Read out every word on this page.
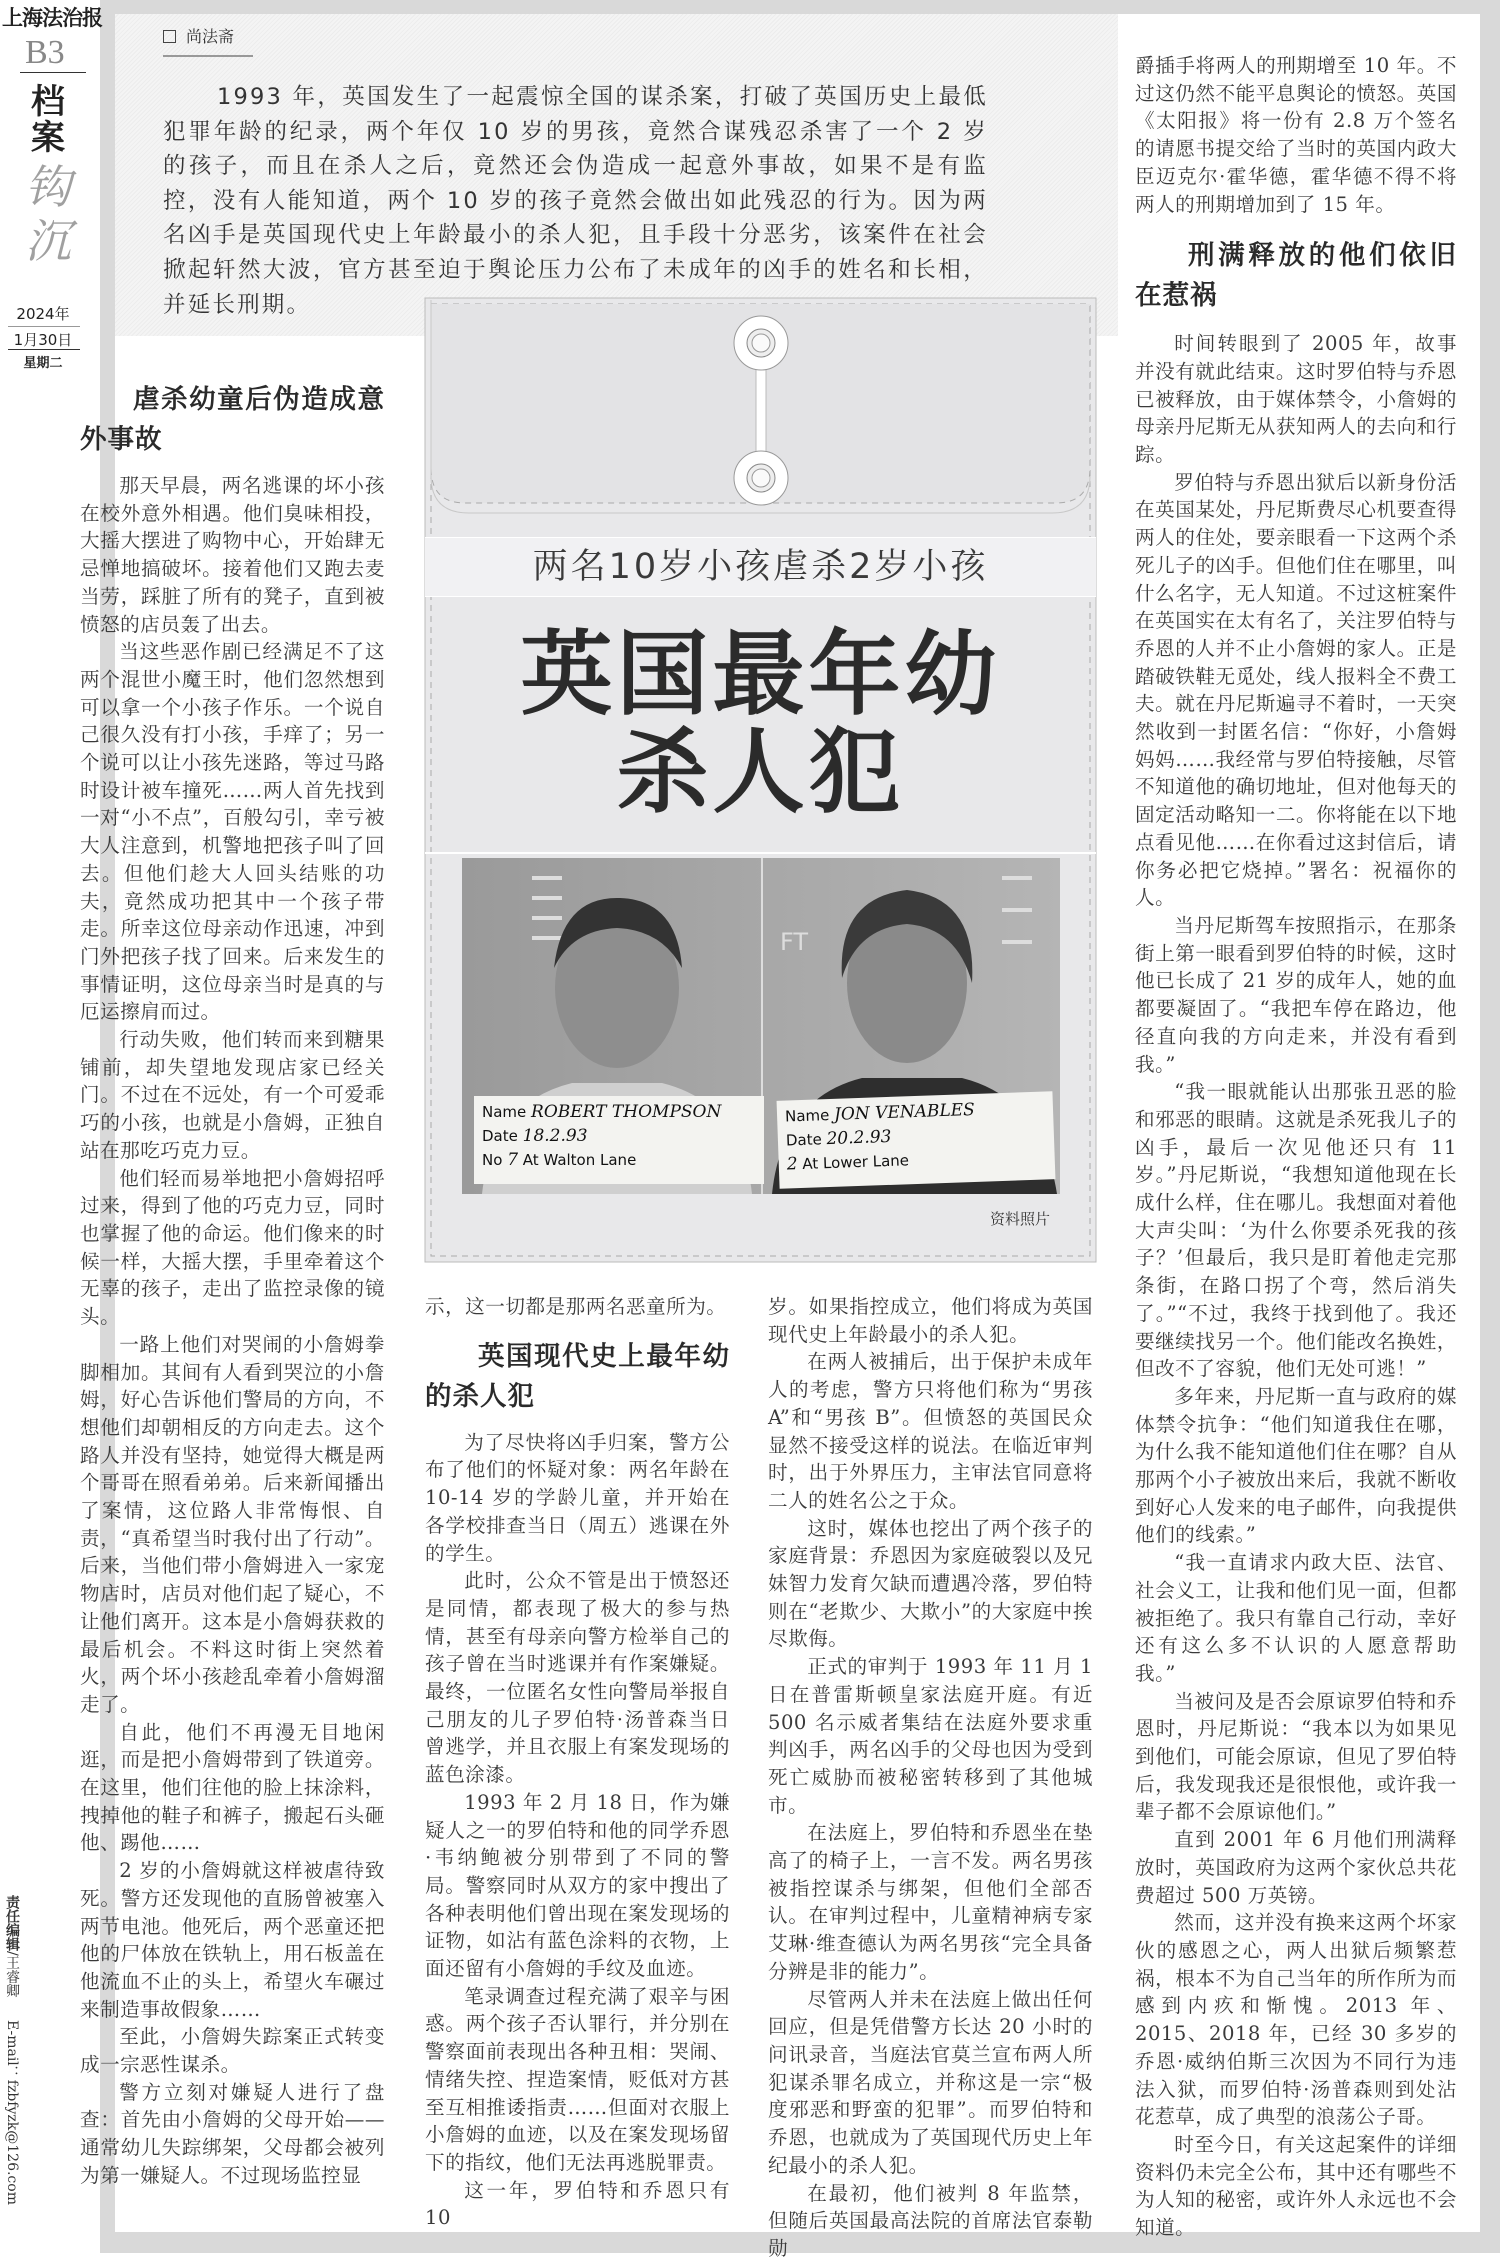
上海法治报
B3
档案
钩沉
2024年
1月30日
星期二
责任编辑/王睿卿 E-mail：fzbfyzk@126.com
尚法斋
1993 年，英国发生了一起震惊全国的谋杀案，打破了英国历史上最低犯罪年龄的纪录，两个年仅 10 岁的男孩，竟然合谋残忍杀害了一个 2 岁的孩子，而且在杀人之后，竟然还会伪造成一起意外事故，如果不是有监控，没有人能知道，两个 10 岁的孩子竟然会做出如此残忍的行为。因为两名凶手是英国现代史上年龄最小的杀人犯，且手段十分恶劣，该案件在社会掀起轩然大波，官方甚至迫于舆论压力公布了未成年的凶手的姓名和长相，并延长刑期。
两名10岁小孩虐杀2岁小孩
英国最年幼
杀人犯
FT
Name ROBERT THOMPSON
Date 18.2.93
No 7 At Walton Lane
Name JON VENABLES
Date 20.2.93
2 At Lower Lane
资料照片
虐杀幼童后伪造成意外事故

那天早晨，两名逃课的坏小孩在校外意外相遇。他们臭味相投，大摇大摆进了购物中心，开始肆无忌惮地搞破坏。接着他们又跑去麦当劳，踩脏了所有的凳子，直到被愤怒的店员轰了出去。

当这些恶作剧已经满足不了这两个混世小魔王时，他们忽然想到可以拿一个小孩子作乐。一个说自己很久没有打小孩，手痒了；另一个说可以让小孩先迷路，等过马路时设计被车撞死……两人首先找到一对“小不点”，百般勾引，幸亏被大人注意到，机警地把孩子叫了回去。但他们趁大人回头结账的功夫，竟然成功把其中一个孩子带走。所幸这位母亲动作迅速，冲到门外把孩子找了回来。后来发生的事情证明，这位母亲当时是真的与厄运擦肩而过。

行动失败，他们转而来到糖果铺前，却失望地发现店家已经关门。不过在不远处，有一个可爱乖巧的小孩，也就是小詹姆，正独自站在那吃巧克力豆。

他们轻而易举地把小詹姆招呼过来，得到了他的巧克力豆，同时也掌握了他的命运。他们像来的时候一样，大摇大摆，手里牵着这个无辜的孩子，走出了监控录像的镜头。

一路上他们对哭闹的小詹姆拳脚相加。其间有人看到哭泣的小詹姆，好心告诉他们警局的方向，不想他们却朝相反的方向走去。这个路人并没有坚持，她觉得大概是两个哥哥在照看弟弟。后来新闻播出了案情，这位路人非常悔恨、自责，“真希望当时我付出了行动”。后来，当他们带小詹姆进入一家宠物店时，店员对他们起了疑心，不让他们离开。这本是小詹姆获救的最后机会。不料这时街上突然着火，两个坏小孩趁乱牵着小詹姆溜走了。

自此，他们不再漫无目地闲逛，而是把小詹姆带到了铁道旁。在这里，他们往他的脸上抹涂料，拽掉他的鞋子和裤子，搬起石头砸他、踢他……

2 岁的小詹姆就这样被虐待致死。警方还发现他的直肠曾被塞入两节电池。他死后，两个恶童还把他的尸体放在铁轨上，用石板盖在他流血不止的头上，希望火车碾过来制造事故假象……

至此，小詹姆失踪案正式转变成一宗恶性谋杀。

警方立刻对嫌疑人进行了盘查：首先由小詹姆的父母开始——通常幼儿失踪绑架，父母都会被列为第一嫌疑人。不过现场监控显

示，这一切都是那两名恶童所为。

英国现代史上最年幼的杀人犯

为了尽快将凶手归案，警方公布了他们的怀疑对象：两名年龄在10-14 岁的学龄儿童，并开始在各学校排查当日（周五）逃课在外的学生。

此时，公众不管是出于愤怒还是同情，都表现了极大的参与热情，甚至有母亲向警方检举自己的孩子曾在当时逃课并有作案嫌疑。最终，一位匿名女性向警局举报自己朋友的儿子罗伯特·汤普森当日曾逃学，并且衣服上有案发现场的蓝色涂漆。

1993 年 2 月 18 日，作为嫌疑人之一的罗伯特和他的同学乔恩·韦纳鲍被分别带到了不同的警局。警察同时从双方的家中搜出了各种表明他们曾出现在案发现场的证物，如沾有蓝色涂料的衣物，上面还留有小詹姆的手纹及血迹。

笔录调查过程充满了艰辛与困惑。两个孩子否认罪行，并分别在警察面前表现出各种丑相：哭闹、情绪失控、捏造案情，贬低对方甚至互相推诿指责……但面对衣服上小詹姆的血迹，以及在案发现场留下的指纹，他们无法再逃脱罪责。

这一年，罗伯特和乔恩只有 10

岁。如果指控成立，他们将成为英国现代史上年龄最小的杀人犯。

在两人被捕后，出于保护未成年人的考虑，警方只将他们称为“男孩A”和“男孩 B”。但愤怒的英国民众显然不接受这样的说法。在临近审判时，出于外界压力，主审法官同意将二人的姓名公之于众。

这时，媒体也挖出了两个孩子的家庭背景：乔恩因为家庭破裂以及兄妹智力发育欠缺而遭遇冷落，罗伯特则在“老欺少、大欺小”的大家庭中挨尽欺侮。

正式的审判于 1993 年 11 月 1 日在普雷斯顿皇家法庭开庭。有近 500 名示威者集结在法庭外要求重判凶手，两名凶手的父母也因为受到死亡威胁而被秘密转移到了其他城市。

在法庭上，罗伯特和乔恩坐在垫高了的椅子上，一言不发。两名男孩被指控谋杀与绑架，但他们全部否认。在审判过程中，儿童精神病专家艾琳·维查德认为两名男孩“完全具备分辨是非的能力”。

尽管两人并未在法庭上做出任何回应，但是凭借警方长达 20 小时的问讯录音，当庭法官莫兰宣布两人所犯谋杀罪名成立，并称这是一宗“极度邪恶和野蛮的犯罪”。而罗伯特和乔恩，也就成为了英国现代历史上年纪最小的杀人犯。

在最初，他们被判 8 年监禁，但随后英国最高法院的首席法官泰勒勋

爵插手将两人的刑期增至 10 年。不过这仍然不能平息舆论的愤怒。英国《太阳报》将一份有 2.8 万个签名的请愿书提交给了当时的英国内政大臣迈克尔·霍华德，霍华德不得不将两人的刑期增加到了 15 年。

刑满释放的他们依旧在惹祸

时间转眼到了 2005 年，故事并没有就此结束。这时罗伯特与乔恩已被释放，由于媒体禁令，小詹姆的母亲丹尼斯无从获知两人的去向和行踪。

罗伯特与乔恩出狱后以新身份活在英国某处，丹尼斯费尽心机要查得两人的住处，要亲眼看一下这两个杀死儿子的凶手。但他们住在哪里，叫什么名字，无人知道。不过这桩案件在英国实在太有名了，关注罗伯特与乔恩的人并不止小詹姆的家人。正是踏破铁鞋无觅处，线人报料全不费工夫。就在丹尼斯遍寻不着时，一天突然收到一封匿名信：“你好，小詹姆妈妈……我经常与罗伯特接触，尽管不知道他的确切地址，但对他每天的固定活动略知一二。你将能在以下地点看见他……在你看过这封信后，请你务必把它烧掉。”署名：祝福你的人。

当丹尼斯驾车按照指示，在那条街上第一眼看到罗伯特的时候，这时他已长成了 21 岁的成年人，她的血都要凝固了。“我把车停在路边，他径直向我的方向走来，并没有看到我。”

“我一眼就能认出那张丑恶的脸和邪恶的眼睛。这就是杀死我儿子的凶手，最后一次见他还只有 11 岁。”丹尼斯说，“我想知道他现在长成什么样，住在哪儿。我想面对着他大声尖叫：‘为什么你要杀死我的孩子？’但最后，我只是盯着他走完那条街，在路口拐了个弯，然后消失了。”“不过，我终于找到他了。我还要继续找另一个。他们能改名换姓，但改不了容貌，他们无处可逃！”

多年来，丹尼斯一直与政府的媒体禁令抗争：“他们知道我住在哪，为什么我不能知道他们住在哪？自从那两个小子被放出来后，我就不断收到好心人发来的电子邮件，向我提供他们的线索。”

“我一直请求内政大臣、法官、社会义工，让我和他们见一面，但都被拒绝了。我只有靠自己行动，幸好还有这么多不认识的人愿意帮助我。”

当被问及是否会原谅罗伯特和乔恩时，丹尼斯说：“我本以为如果见到他们，可能会原谅，但见了罗伯特后，我发现我还是很恨他，或许我一辈子都不会原谅他们。”

直到 2001 年 6 月他们刑满释放时，英国政府为这两个家伙总共花费超过 500 万英镑。

然而，这并没有换来这两个坏家伙的感恩之心，两人出狱后频繁惹祸，根本不为自己当年的所作所为而感到内疚和惭愧。2013 年、2015、2018 年，已经 30 多岁的乔恩·威纳伯斯三次因为不同行为违法入狱，而罗伯特·汤普森则到处沾花惹草，成了典型的浪荡公子哥。

时至今日，有关这起案件的详细资料仍未完全公布，其中还有哪些不为人知的秘密，或许外人永远也不会知道。
